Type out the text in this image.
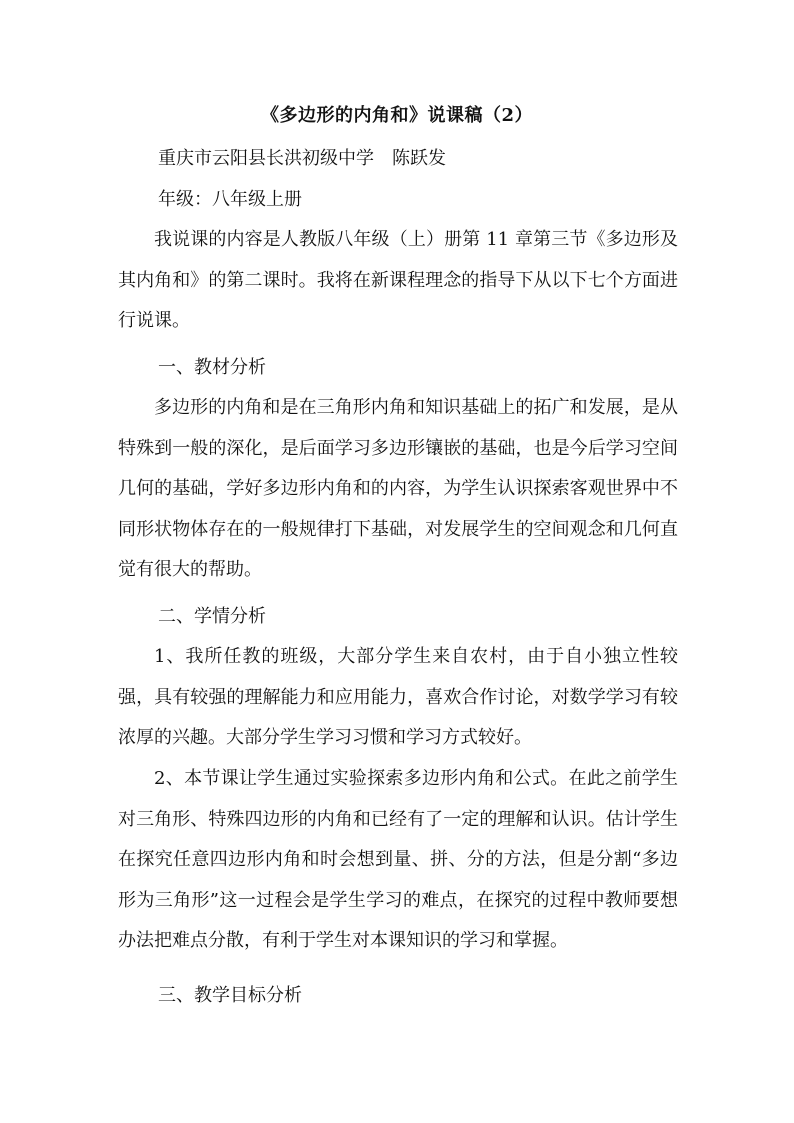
《多边形的内角和》说课稿（2）
重庆市云阳县长洪初级中学　陈跃发
年级：八年级上册
我说课的内容是人教版八年级（上）册第 11 章第三节《多边形及其内角和》的第二课时。我将在新课程理念的指导下从以下七个方面进行说课。
一、教材分析
多边形的内角和是在三角形内角和知识基础上的拓广和发展，是从特殊到一般的深化，是后面学习多边形镶嵌的基础，也是今后学习空间几何的基础，学好多边形内角和的内容，为学生认识探索客观世界中不同形状物体存在的一般规律打下基础，对发展学生的空间观念和几何直觉有很大的帮助。
二、学情分析
1、我所任教的班级，大部分学生来自农村，由于自小独立性较强，具有较强的理解能力和应用能力，喜欢合作讨论，对数学学习有较浓厚的兴趣。大部分学生学习习惯和学习方式较好。
2、本节课让学生通过实验探索多边形内角和公式。在此之前学生对三角形、特殊四边形的内角和已经有了一定的理解和认识。估计学生在探究任意四边形内角和时会想到量、拼、分的方法，但是分割“多边形为三角形”这一过程会是学生学习的难点，在探究的过程中教师要想办法把难点分散，有利于学生对本课知识的学习和掌握。
三、教学目标分析
